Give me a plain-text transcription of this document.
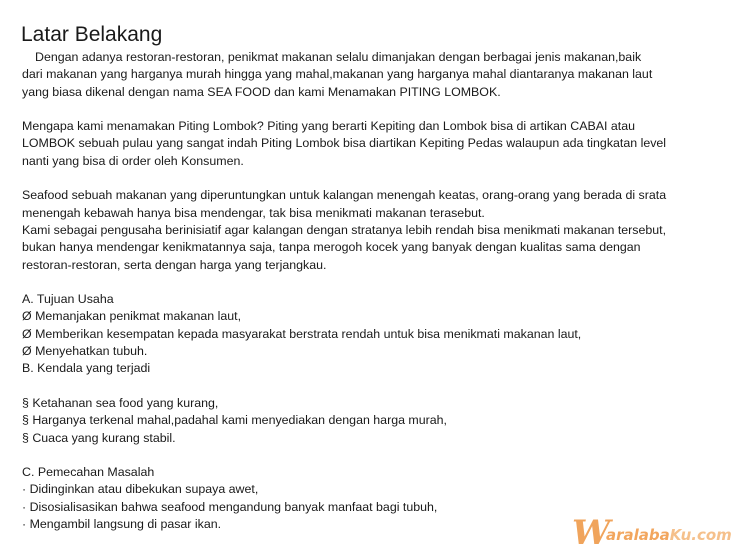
Latar Belakang
Dengan adanya restoran-restoran, penikmat makanan selalu dimanjakan dengan berbagai jenis makanan,baik
dari makanan yang harganya murah hingga yang mahal,makanan yang harganya mahal diantaranya makanan laut
yang biasa dikenal dengan nama SEA FOOD dan kami Menamakan PITING LOMBOK.
Mengapa kami menamakan Piting Lombok? Piting yang berarti Kepiting dan Lombok bisa di artikan CABAI atau
LOMBOK sebuah pulau yang sangat indah Piting Lombok bisa diartikan Kepiting Pedas walaupun ada tingkatan level
nanti yang bisa di order oleh Konsumen.
Seafood sebuah makanan yang diperuntungkan untuk kalangan menengah keatas, orang-orang yang berada di srata
menengah kebawah hanya bisa mendengar, tak bisa menikmati makanan terasebut.
Kami sebagai pengusaha berinisiatif agar kalangan dengan stratanya lebih rendah bisa menikmati makanan tersebut,
bukan hanya mendengar kenikmatannya saja, tanpa merogoh kocek yang banyak dengan kualitas sama dengan
restoran-restoran, serta dengan harga yang terjangkau.
A. Tujuan Usaha
Ø Memanjakan penikmat makanan laut,
Ø Memberikan kesempatan kepada masyarakat berstrata rendah untuk bisa menikmati makanan laut,
Ø Menyehatkan tubuh.
B. Kendala yang terjadi
§ Ketahanan sea food yang kurang,
§ Harganya terkenal mahal,padahal kami menyediakan dengan harga murah,
§ Cuaca yang kurang stabil.
C. Pemecahan Masalah
· Didinginkan atau dibekukan supaya awet,
· Disosialisasikan bahwa seafood mengandung banyak manfaat bagi tubuh,
· Mengambil langsung di pasar ikan.	W
aralabaKu.com
